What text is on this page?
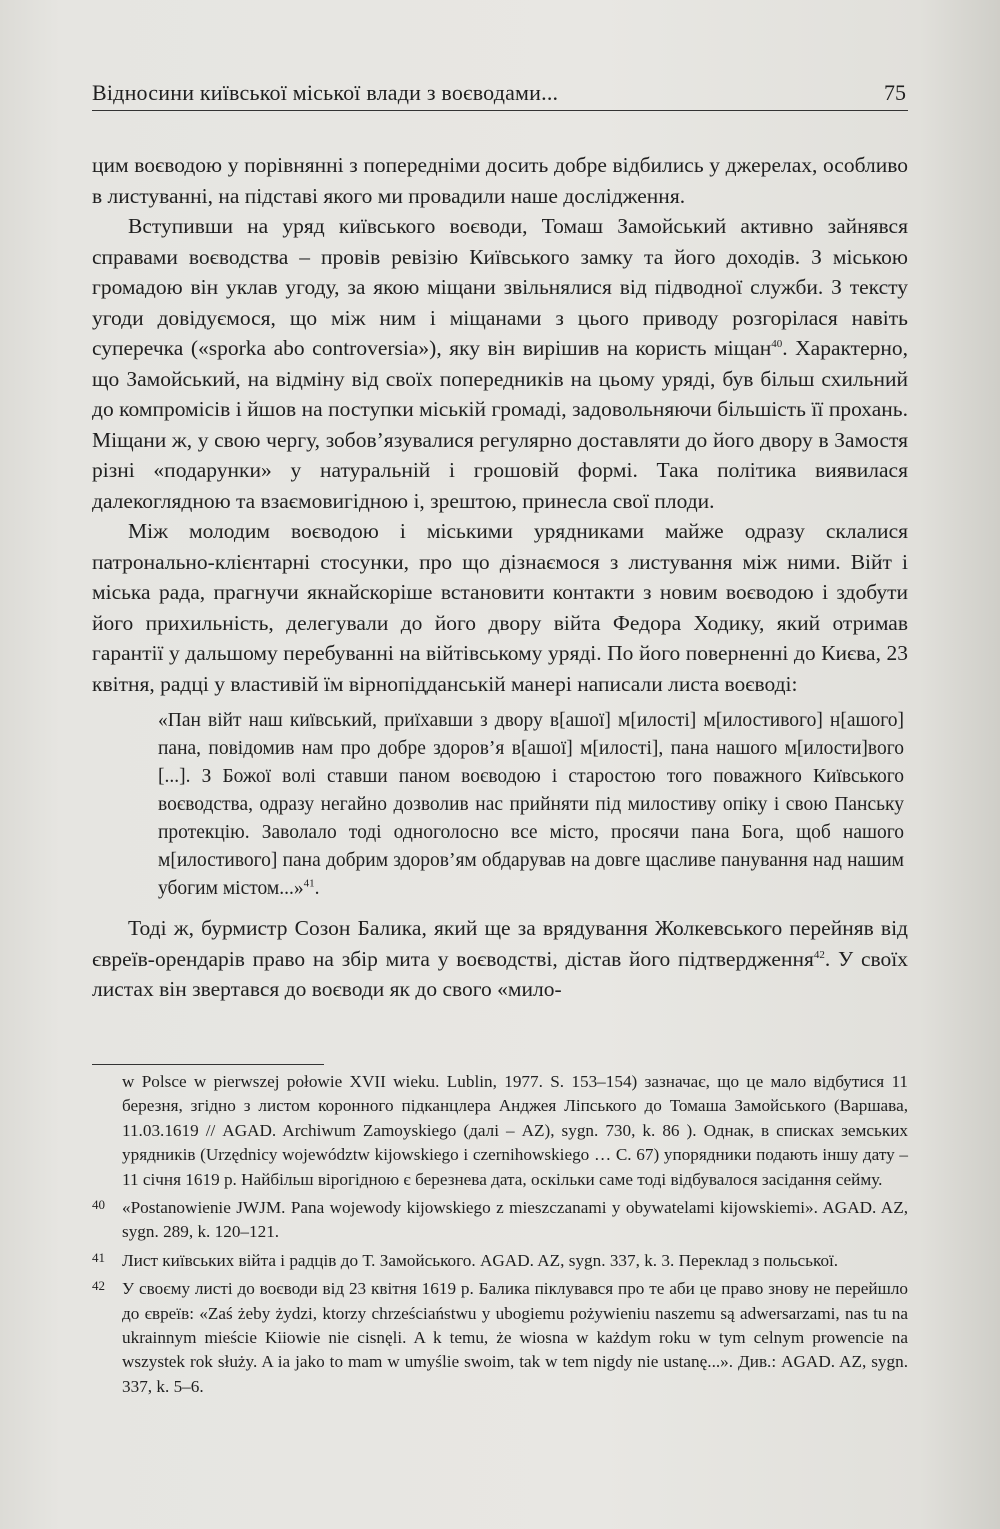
Відносини київської міської влади з воєводами...	75

цим воєводою у порівнянні з попередніми досить добре відбились у джерелах, особливо в листуванні, на підставі якого ми провадили наше дослідження.

Вступивши на уряд київського воєводи, Томаш Замойський активно зайнявся справами воєводства – провів ревізію Київського замку та його доходів. З міською громадою він уклав угоду, за якою міщани звільнялися від підводної служби. З тексту угоди довідуємося, що між ним і міщанами з цього приводу розгорілася навіть суперечка («sporka abo controversia»), яку він вирішив на користь міщан$^{40}$. Характерно, що Замойський, на відміну від своїх попередників на цьому уряді, був більш схильний до компромісів і йшов на поступки міській громаді, задовольняючи більшість її прохань. Міщани ж, у свою чергу, зобов’язувалися регулярно доставляти до його двору в Замостя різні «подарунки» у натуральній і грошовій формі. Така політика виявилася далекоглядною та взаємовигідною і, зрештою, принесла свої плоди.

Між молодим воєводою і міськими урядниками майже одразу склалися патронально-клієнтарні стосунки, про що дізнаємося з листування між ними. Війт і міська рада, прагнучи якнайскоріше встановити контакти з новим воєводою і здобути його прихильність, делегували до його двору війта Федора Ходику, який отримав гарантії у дальшому перебуванні на війтівському уряді. По його поверненні до Києва, 23 квітня, радці у властивій їм вірнопідданській манері написали листа воєводі:

«Пан війт наш київський, приїхавши з двору в[ашої] м[илості] м[илостивого] н[ашого] пана, повідомив нам про добре здоров’я в[ашої] м[илості], пана нашого м[илости]вого [...]. З Божої волі ставши паном воєводою і старостою того поважного Київського воєводства, одразу негайно дозволив нас прийняти під милостиву опіку і свою Панську протекцію. Заволало тоді одноголосно все місто, просячи пана Бога, щоб нашого м[илостивого] пана добрим здоров’ям обдарував на довге щасливе панування над нашим убогим містом...»$^{41}$.

Тоді ж, бурмистр Созон Балика, який ще за врядування Жолкевського перейняв від євреїв-орендарів право на збір мита у воєводстві, дістав його підтвердження$^{42}$. У своїх листах він звертався до воєводи як до свого «мило-

w Polsce w pierwszej połowie XVII wieku. Lublin, 1977. S. 153–154) зазначає, що це мало відбутися 11 березня, згідно з листом коронного підканцлера Анджея Ліпського до Томаша Замойського (Варшава, 11.03.1619 // AGAD. Archiwum Zamoyskiego (далі – AZ), sygn. 730, k. 86 ). Однак, в списках земських урядників (Urzędnicy województw kijowskiego i czernihowskiego … С. 67) упорядники подають іншу дату – 11 січня 1619 р. Найбільш вірогідною є березнева дата, оскільки саме тоді відбувалося засідання сейму.

40 «Postanowienie JWJM. Pana wojewody kijowskiego z mieszczanami y obywatelami kijowskiemi». AGAD. AZ, sygn. 289, k. 120–121.

41 Лист київських війта і радців до Т. Замойського. AGAD. AZ, sygn. 337, k. 3. Переклад з польської.

42 У своєму листі до воєводи від 23 квітня 1619 р. Балика піклувався про те аби це право знову не перейшло до євреїв: «Zaś żeby żydzi, ktorzy chrześciaństwu y ubogiemu pożywieniu naszemu są adwersarzami, nas tu na ukrainnym mieście Kiiowie nie cisnęli. A k temu, że wiosna w każdym roku w tym celnym prowencie na wszystek rok służy. A ia jako to mam w umyślie swoim, tak w tem nigdy nie ustanę...». Див.: AGAD. AZ, sygn. 337, k. 5–6.
